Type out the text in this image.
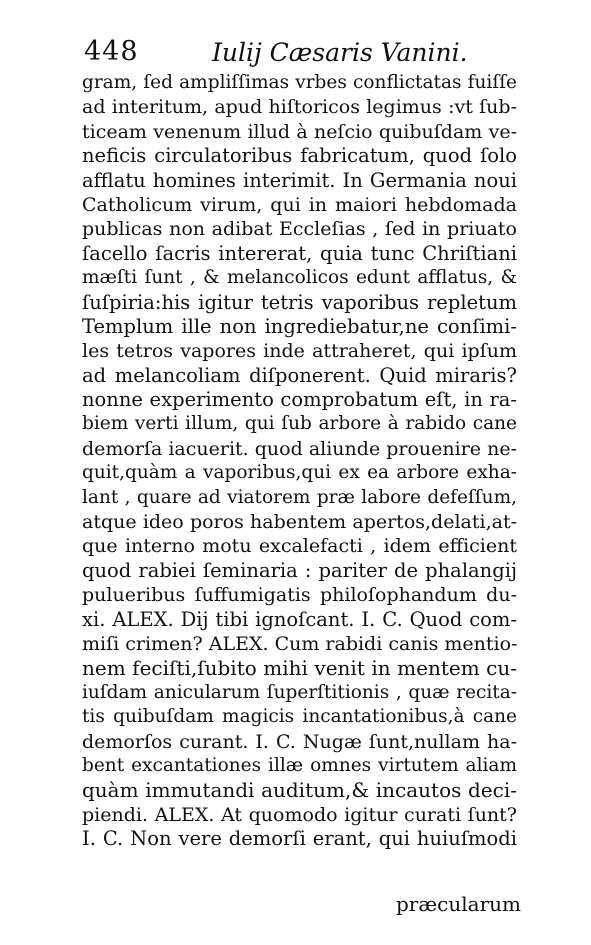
448	Iulij Cæsaris Vanini.
gram, ſed ampliſſimas vrbes conflictatas fuiſſe
ad interitum, apud hiſtoricos legimus :vt ſub-
ticeam venenum illud à neſcio quibuſdam ve-
neficis circulatoribus fabricatum, quod ſolo
afflatu homines interimit. In Germania noui
Catholicum virum, qui in maiori hebdomada
publicas non adibat Eccleſias , ſed in priuato
ſacello ſacris intererat, quia tunc Chriſtiani
mæſti ſunt , & melancolicos edunt afflatus, &
ſuſpiria:his igitur tetris vaporibus repletum
Templum ille non ingrediebatur,ne conſimi-
les tetros vapores inde attraheret, qui ipſum
ad melancoliam diſponerent. Quid miraris?
nonne experimento comprobatum eſt, in ra-
biem verti illum, qui ſub arbore à rabido cane
demorſa iacuerit. quod aliunde prouenire ne-
quit,quàm a vaporibus,qui ex ea arbore exha-
lant , quare ad viatorem præ labore defeſſum,
atque ideo poros habentem apertos,delati,at-
que interno motu excalefacti , idem efficient
quod rabiei ſeminaria : pariter de phalangij
pulueribus ſuffumigatis philoſophandum du-
xi. ALEX. Dij tibi ignoſcant. I. C. Quod com-
miſi crimen? ALEX. Cum rabidi canis mentio-
nem feciſti,ſubito mihi venit in mentem cu-
iuſdam anicularum ſuperſtitionis , quæ recita-
tis quibuſdam magicis incantationibus,à cane
demorſos curant. I. C. Nugæ ſunt,nullam ha-
bent excantationes illæ omnes virtutem aliam
quàm immutandi auditum,& incautos deci-
piendi. ALEX. At quomodo igitur curati ſunt?
I. C. Non vere demorſi erant, qui huiuſmodi
præcularum
